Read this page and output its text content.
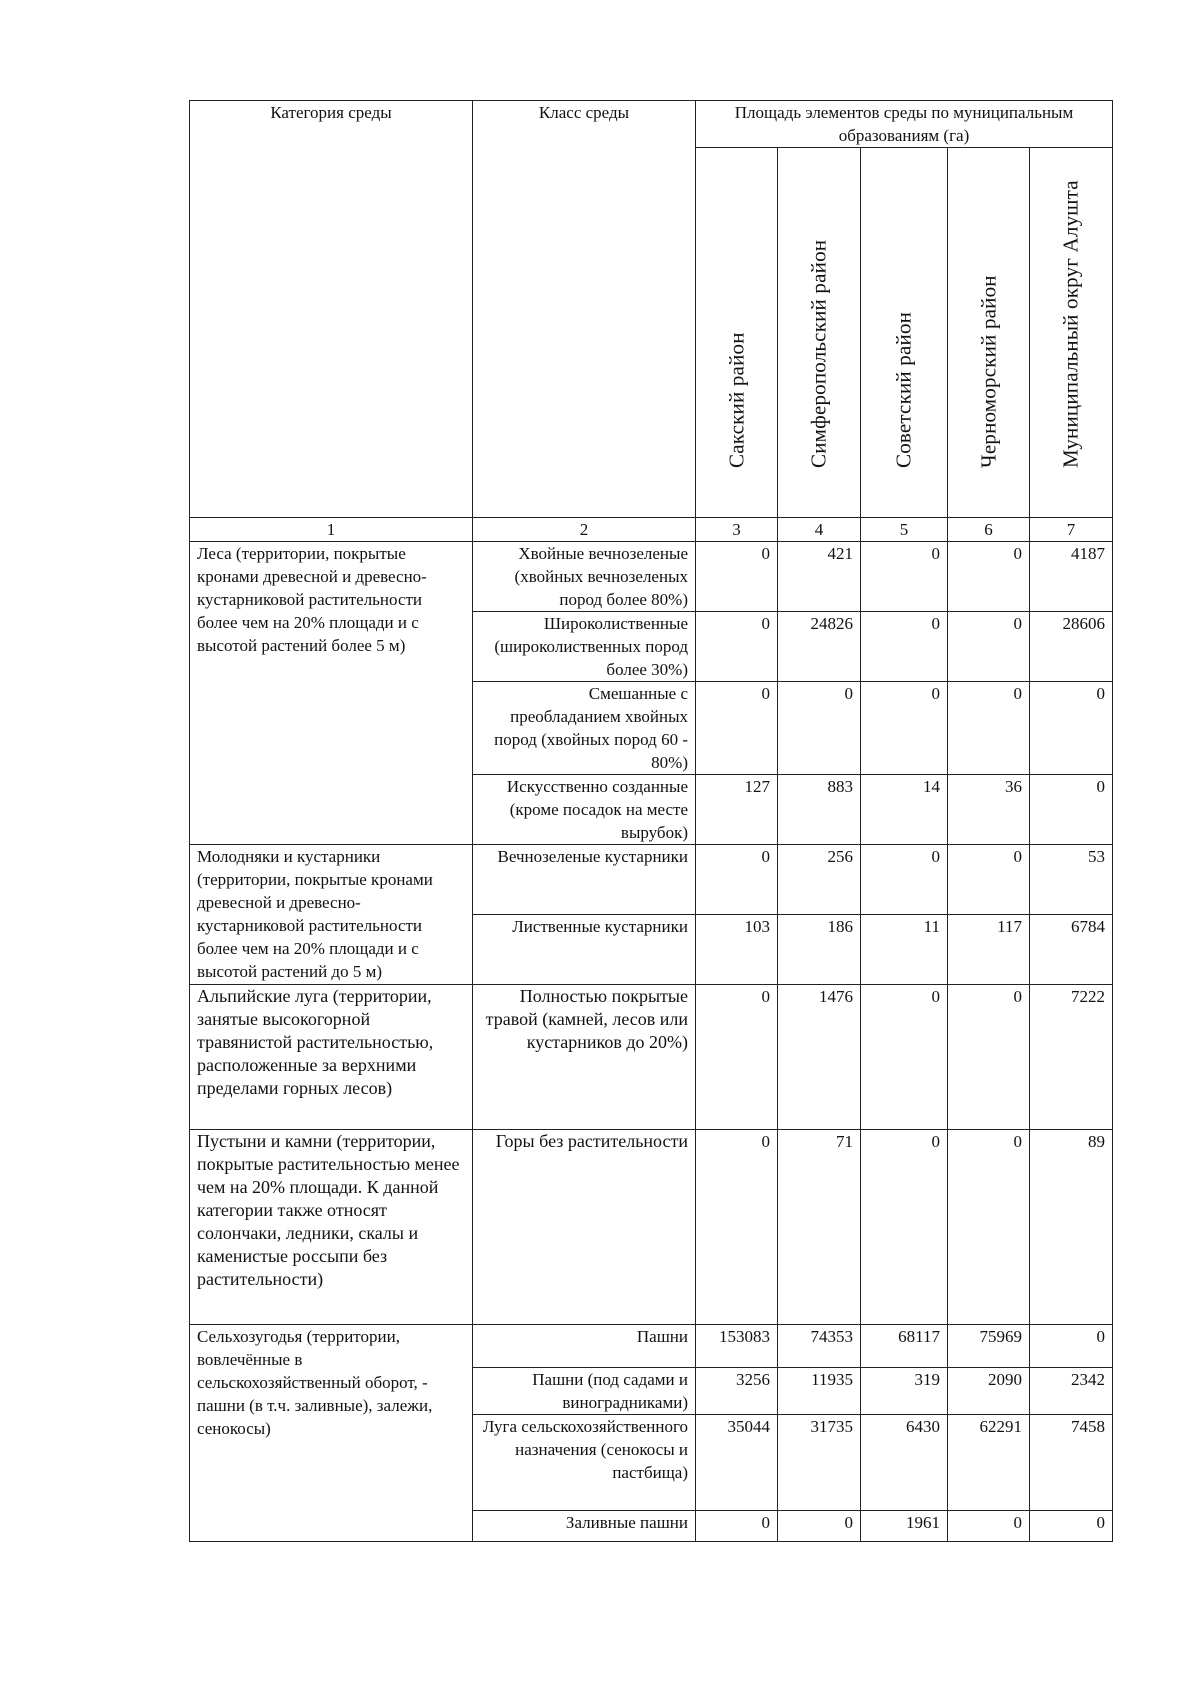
Категория среды	Класс среды	Площадь элементов среды по муниципальным образованиям (га)				

		Сакский район	Симферопольский район	Советский район	Черноморский район	Муниципальный округ Алушта

1	2	3	4	5	6	7
Леса (территории, покрытые кронами древесной и древесно-кустарниковой растительности более чем на 20% площади и с высотой растений более 5 м)	Хвойные вечнозеленые (хвойных вечнозеленых пород более 80%)	0	421	0	0	4187
	Широколиственные (широколиственных пород более 30%)	0	24826	0	0	28606
	Смешанные с преобладанием хвойных пород (хвойных пород 60 - 80%)	0	0	0	0	0
	Искусственно созданные (кроме посадок на месте вырубок)	127	883	14	36	0
Молодняки и кустарники (территории, покрытые кронами древесной и древесно-кустарниковой растительности более чем на 20% площади и с высотой растений до 5 м)	Вечнозеленые кустарники	0	256	0	0	53
	Лиственные кустарники	103	186	11	117	6784
Альпийские луга (территории, занятые высокогорной травянистой растительностью, расположенные за верхними пределами горных лесов)	Полностью покрытые травой (камней, лесов или кустарников до 20%)	0	1476	0	0	7222
Пустыни и камни (территории, покрытые растительностью менее чем на 20% площади. К данной категории также относят солончаки, ледники, скалы и каменистые россыпи без растительности)	Горы без растительности	0	71	0	0	89
Сельхозугодья (территории, вовлечённые в сельскохозяйственный оборот, - пашни (в т.ч. заливные), залежи, сенокосы)	Пашни	153083	74353	68117	75969	0
	Пашни (под садами и виноградниками)	3256	11935	319	2090	2342
	Луга сельскохозяйственного назначения (сенокосы и пастбища)	35044	31735	6430	62291	7458
	Заливные пашни	0	0	1961	0	0
